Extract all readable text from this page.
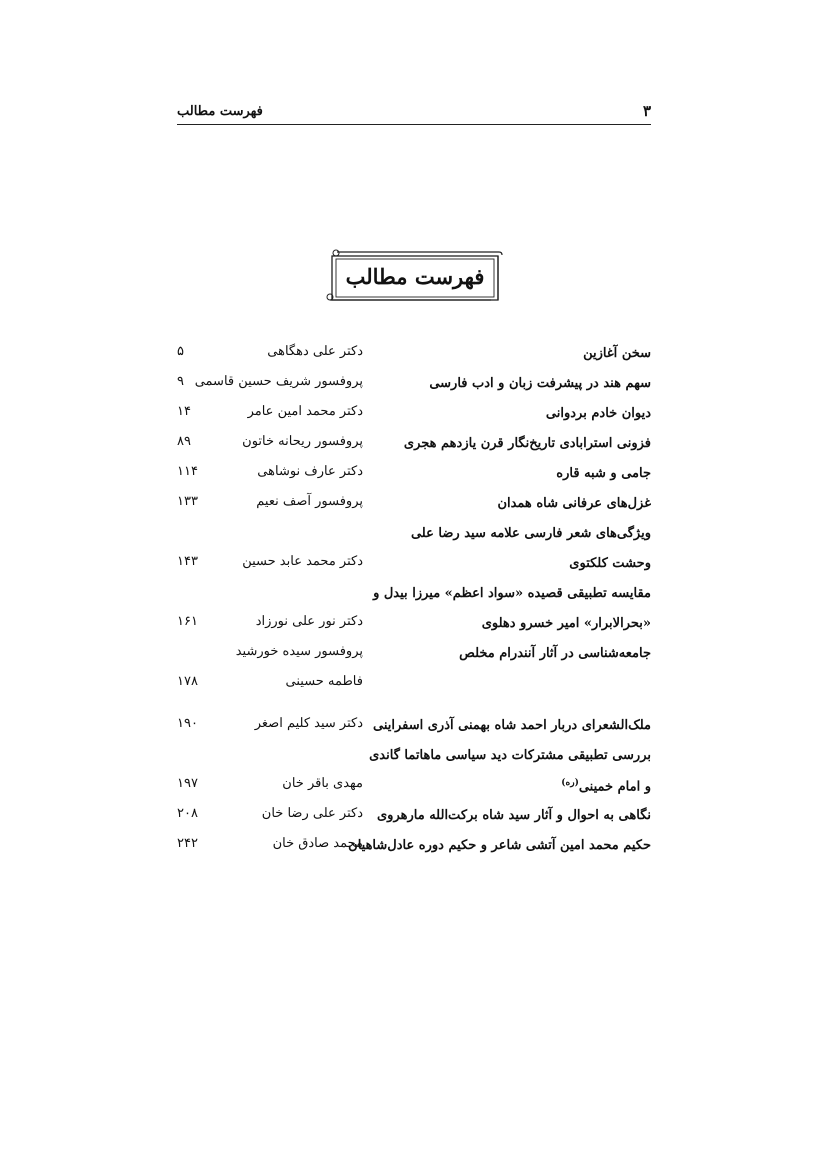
۳
فهرست مطالب
فهرست مطالب
سخن آغازین
دکتر علی دهگاهی
۵
سهم هند در پیشرفت زبان و ادب فارسی
پروفسور شریف حسین قاسمی
۹
دیوان خادم بردوانی
دکتر محمد امین عامر
۱۴
فزونی استرابادی تاریخ‌نگار قرن یازدهم هجری
پروفسور ریحانه خاتون
۸۹
جامی و شبه قاره
دکتر عارف نوشاهی
۱۱۴
غزل‌های عرفانی شاه همدان
پروفسور آصف نعیم
۱۳۳
ویژگی‌های شعر فارسی علامه سید رضا علی
وحشت کلکتوی
دکتر محمد عابد حسین
۱۴۳
مقایسه تطبیقی قصیده «سواد اعظم» میرزا بیدل و
«بحرالابرار» امیر خسرو دهلوی
دکتر نور علی نورزاد
۱۶۱
جامعه‌شناسی در آثار آنندرام مخلص
پروفسور سیده خورشید
فاطمه حسینی
۱۷۸
ملک‌الشعرای دربار احمد شاه بهمنی آذری اسفراینی
دکتر سید کلیم اصغر
۱۹۰
بررسی تطبیقی مشترکات دید سیاسی ماهاتما گاندی
و امام خمینی$^{(ره)}$
مهدی باقر خان
۱۹۷
نگاهی به احوال و آثار سید شاه برکت‌الله مارهروی
دکتر علی رضا خان
۲۰۸
حکیم محمد امین آتشی شاعر و حکیم دوره عادل‌شاهیان
محمد صادق خان
۲۴۲
